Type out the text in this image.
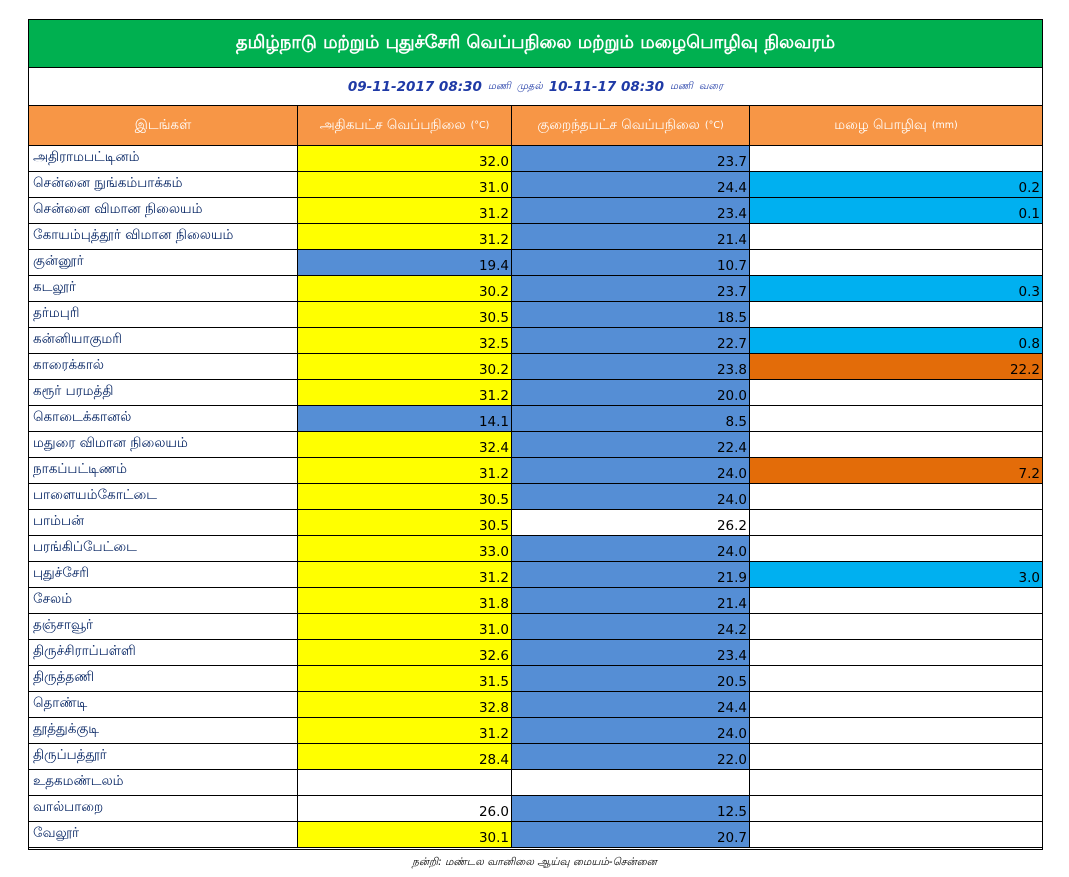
தமிழ்நாடு மற்றும் புதுச்சேரி வெப்பநிலை மற்றும் மழைபொழிவு நிலவரம்
09-11-2017 08:30 மணி முதல் 10-11-17 08:30 மணி வரை
இடங்கள்	அதிகபட்ச வெப்பநிலை (°C)	குறைந்தபட்ச வெப்பநிலை (°C)	மழை பொழிவு (mm)
அதிராமபட்டினம்	32.0	23.7
சென்னை நுங்கம்பாக்கம்	31.0	24.4	0.2
சென்னை விமான நிலையம்	31.2	23.4	0.1
கோயம்புத்தூர் விமான நிலையம்	31.2	21.4
குன்னூர்	19.4	10.7
கடலூர்	30.2	23.7	0.3
தர்மபுரி	30.5	18.5
கன்னியாகுமரி	32.5	22.7	0.8
காரைக்கால்	30.2	23.8	22.2
கரூர் பரமத்தி	31.2	20.0
கொடைக்கானல்	14.1	8.5
மதுரை விமான நிலையம்	32.4	22.4
நாகப்பட்டிணம்	31.2	24.0	7.2
பாளையம்கோட்டை	30.5	24.0
பாம்பன்	30.5	26.2
பரங்கிப்பேட்டை	33.0	24.0
புதுச்சேரி	31.2	21.9	3.0
சேலம்	31.8	21.4
தஞ்சாவூர்	31.0	24.2
திருச்சிராப்பள்ளி	32.6	23.4
திருத்தணி	31.5	20.5
தொண்டி	32.8	24.4
தூத்துக்குடி	31.2	24.0
திருப்பத்தூர்	28.4	22.0
உதகமண்டலம்
வால்பாறை	26.0	12.5
வேலூர்	30.1	20.7
நன்றி: மண்டல வானிலை ஆய்வு மையம்-சென்னை
